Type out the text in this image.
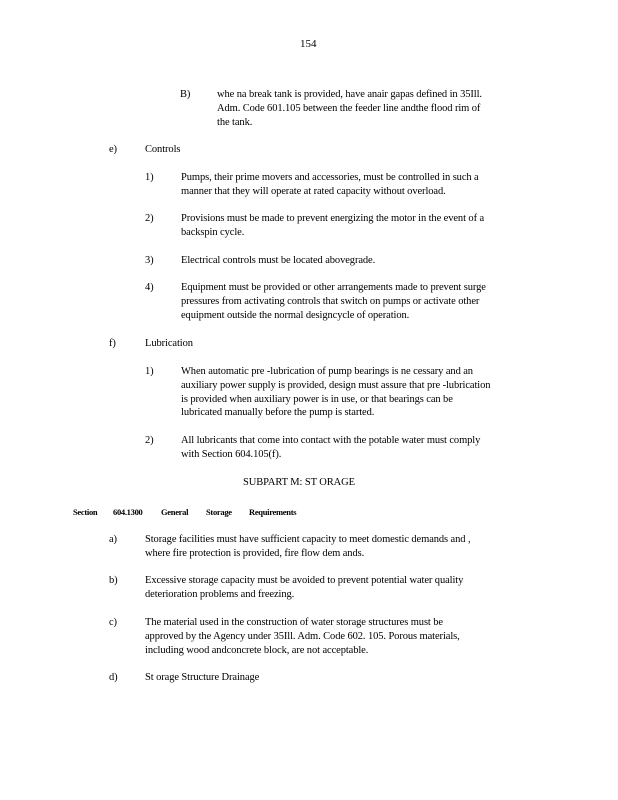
154
B)	whe na break tank is provided, have anair gapas defined in 35Ill.
Adm. Code 601.105 between the feeder line andthe flood rim of
the tank.
e)	Controls
1)	Pumps, their prime movers and accessories, must be controlled in such a
manner that they will operate at rated capacity without overload.
2)	Provisions must be made to prevent energizing the motor in the event of a
backspin cycle.
3)	Electrical controls must be located abovegrade.
4)	Equipment must be provided or other arrangements made to prevent surge
pressures from activating controls that switch on pumps or activate other
equipment outside the normal designcycle of operation.
f)	Lubrication
1)	When automatic pre -lubrication of pump bearings is ne cessary and an
auxiliary power supply is provided, design must assure that pre -lubrication
is provided when auxiliary power is in use, or that bearings can be
lubricated manually before the pump is started.
2)	All lubricants that come into contact with the potable water must comply
with Section 604.105(f).
SUBPART M: ST ORAGE
Section 604.1300 General Storage Requirements
a)	Storage facilities must have sufficient capacity to meet domestic demands and ,
where fire protection is provided, fire flow dem ands.
b)	Excessive storage capacity must be avoided to prevent potential water quality
deterioration problems and freezing.
c)	The material used in the construction of water storage structures must be
approved by the Agency under 35Ill. Adm. Code 602. 105. Porous materials,
including wood andconcrete block, are not acceptable.
d)	St orage Structure Drainage
